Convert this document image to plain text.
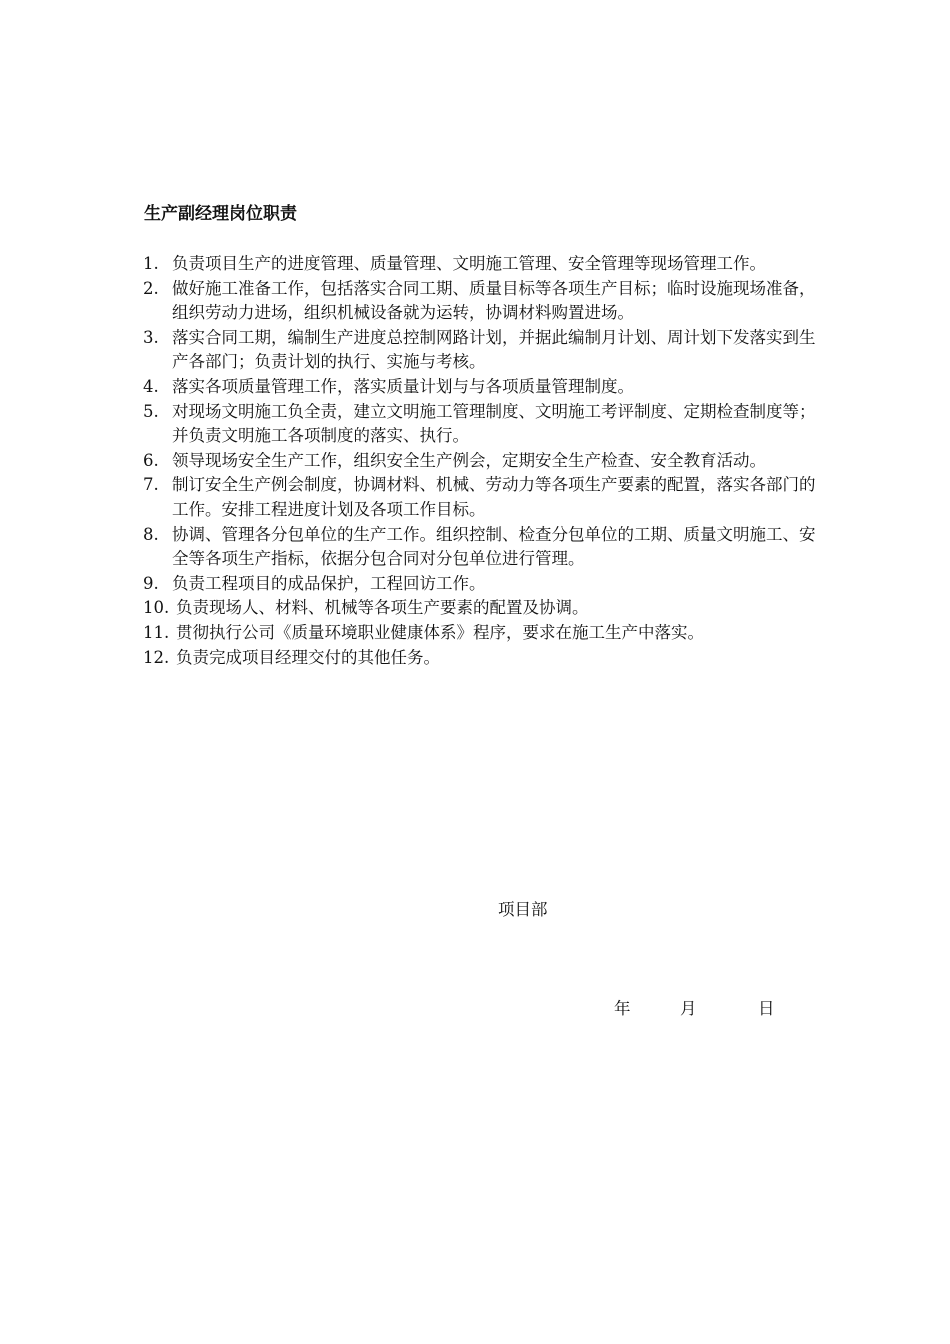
生产副经理岗位职责
1. 负责项目生产的进度管理、质量管理、文明施工管理、安全管理等现场管理工作。
2. 做好施工准备工作，包括落实合同工期、质量目标等各项生产目标；临时设施现场准备，组织劳动力进场，组织机械设备就为运转，协调材料购置进场。
3. 落实合同工期，编制生产进度总控制网路计划，并据此编制月计划、周计划下发落实到生产各部门；负责计划的执行、实施与考核。
4. 落实各项质量管理工作，落实质量计划与与各项质量管理制度。
5. 对现场文明施工负全责，建立文明施工管理制度、文明施工考评制度、定期检查制度等；并负责文明施工各项制度的落实、执行。
6. 领导现场安全生产工作，组织安全生产例会，定期安全生产检查、安全教育活动。
7. 制订安全生产例会制度，协调材料、机械、劳动力等各项生产要素的配置，落实各部门的工作。安排工程进度计划及各项工作目标。
8. 协调、管理各分包单位的生产工作。组织控制、检查分包单位的工期、质量文明施工、安全等各项生产指标，依据分包合同对分包单位进行管理。
9. 负责工程项目的成品保护，工程回访工作。
10. 负责现场人、材料、机械等各项生产要素的配置及协调。
11. 贯彻执行公司《质量环境职业健康体系》程序，要求在施工生产中落实。
12. 负责完成项目经理交付的其他任务。
项目部
年	月	日
